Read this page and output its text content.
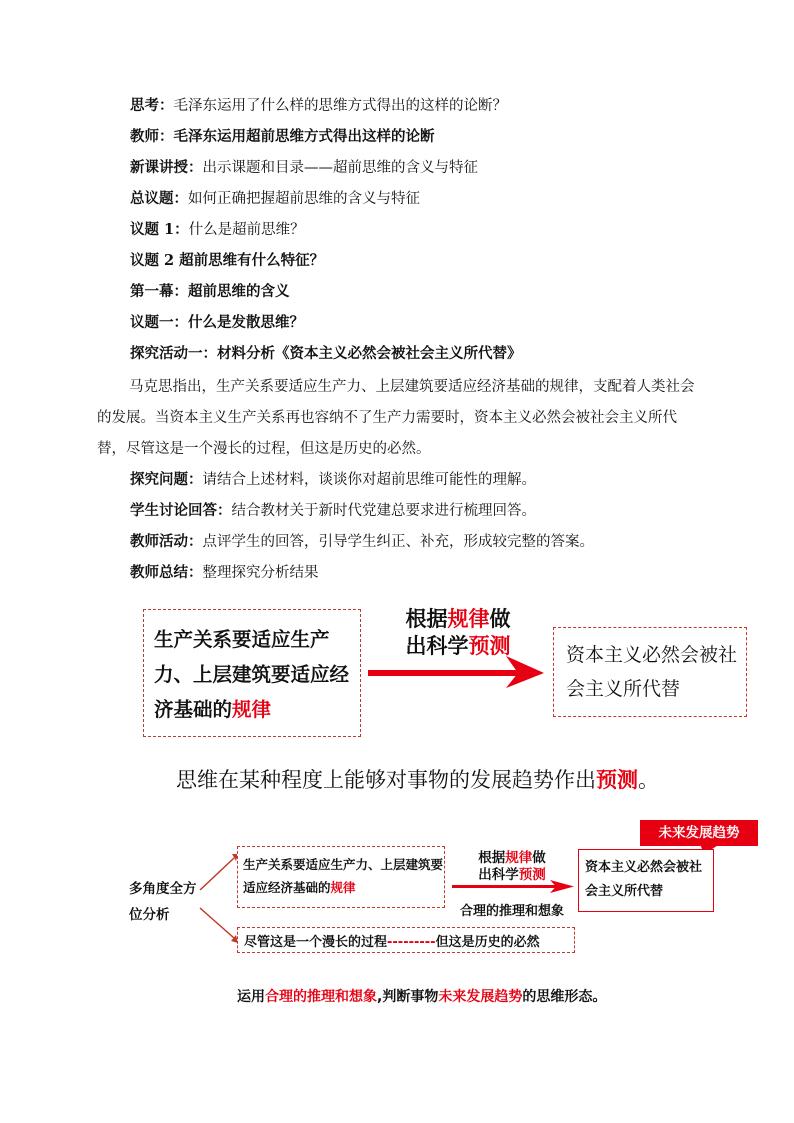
思考：毛泽东运用了什么样的思维方式得出的这样的论断？
教师：毛泽东运用超前思维方式得出这样的论断
新课讲授：出示课题和目录——超前思维的含义与特征
总议题：如何正确把握超前思维的含义与特征
议题 1：什么是超前思维？
议题 2 超前思维有什么特征？
第一幕：超前思维的含义
议题一：什么是发散思维？
探究活动一：材料分析《资本主义必然会被社会主义所代替》
马克思指出，生产关系要适应生产力、上层建筑要适应经济基础的规律，支配着人类社会的发展。当资本主义生产关系再也容纳不了生产力需要时，资本主义必然会被社会主义所代替，尽管这是一个漫长的过程，但这是历史的必然。
探究问题：请结合上述材料，谈谈你对超前思维可能性的理解。
学生讨论回答：结合教材关于新时代党建总要求进行梳理回答。
教师活动：点评学生的回答，引导学生纠正、补充，形成较完整的答案。
教师总结：整理探究分析结果
生产关系要适应生产力、上层建筑要适应经济基础的规律
根据规律做
出科学预测	资本主义必然会被社会主义所代替
思维在某种程度上能够对事物的发展趋势作出预测。
多角度全方位分析
生产关系要适应生产力、上层建筑要适应经济基础的规律
根据规律做
出科学预测
合理的推理和想象
未来发展趋势
资本主义必然会被社会主义所代替
尽管这是一个漫长的过程---------但这是历史的必然
运用合理的推理和想象,判断事物未来发展趋势的思维形态。
